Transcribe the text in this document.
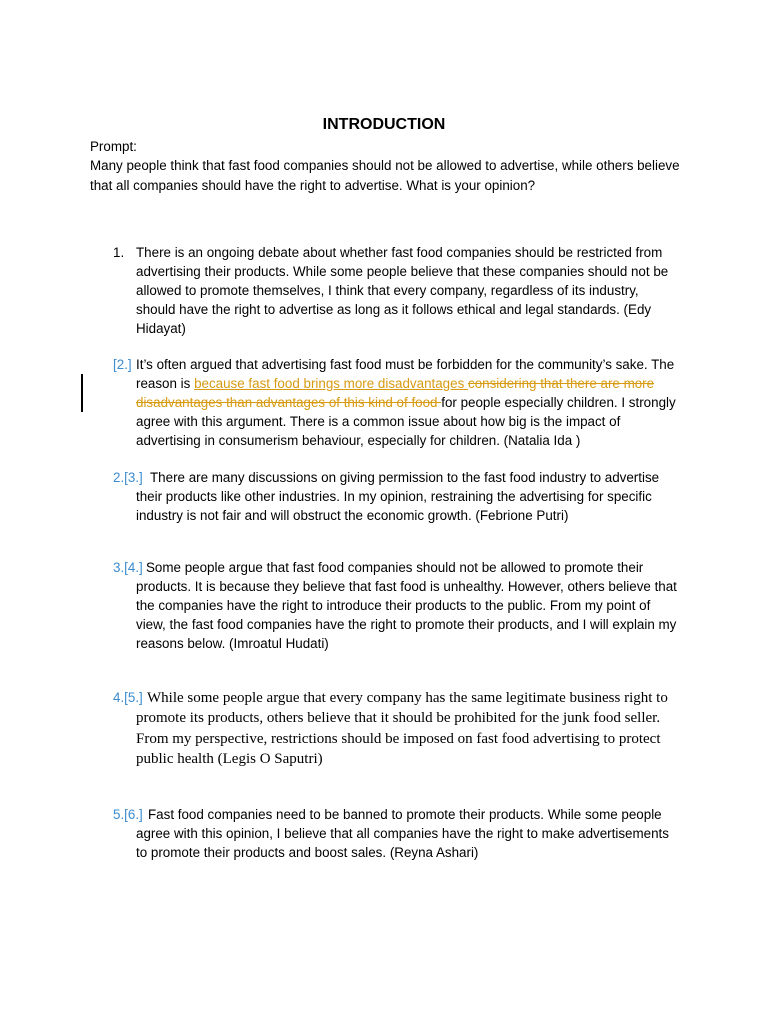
INTRODUCTION
Prompt:
Many people think that fast food companies should not be allowed to advertise, while others believe that all companies should have the right to advertise. What is your opinion?
1. There is an ongoing debate about whether fast food companies should be restricted from advertising their products. While some people believe that these companies should not be allowed to promote themselves, I think that every company, regardless of its industry, should have the right to advertise as long as it follows ethical and legal standards. (Edy Hidayat)
[2.] It’s often argued that advertising fast food must be forbidden for the community’s sake. The reason is because fast food brings more disadvantages considering that there are more disadvantages than advantages of this kind of food for people especially children. I strongly agree with this argument. There is a common issue about how big is the impact of advertising in consumerism behaviour, especially for children. (Natalia Ida )
2.[3.] There are many discussions on giving permission to the fast food industry to advertise their products like other industries. In my opinion, restraining the advertising for specific industry is not fair and will obstruct the economic growth. (Febrione Putri)
3.[4.] Some people argue that fast food companies should not be allowed to promote their products. It is because they believe that fast food is unhealthy. However, others believe that the companies have the right to introduce their products to the public. From my point of view, the fast food companies have the right to promote their products, and I will explain my reasons below. (Imroatul Hudati)
4.[5.] While some people argue that every company has the same legitimate business right to promote its products, others believe that it should be prohibited for the junk food seller. From my perspective, restrictions should be imposed on fast food advertising to protect public health (Legis O Saputri)
5.[6.] Fast food companies need to be banned to promote their products. While some people agree with this opinion, I believe that all companies have the right to make advertisements to promote their products and boost sales. (Reyna Ashari)
